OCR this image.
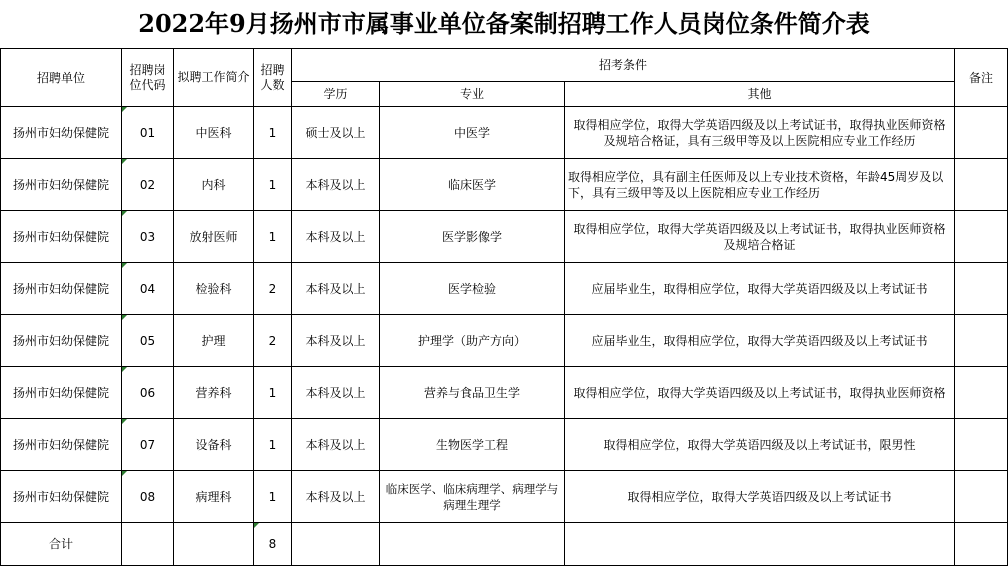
2022年9月扬州市市属事业单位备案制招聘工作人员岗位条件简介表
招聘单位	招聘岗位代码	拟聘工作简介	招聘人数	招考条件			备注
				学历	专业	其他	
扬州市妇幼保健院	01	中医科	1	硕士及以上	中医学	取得相应学位，取得大学英语四级及以上考试证书，取得执业医师资格及规培合格证，具有三级甲等及以上医院相应专业工作经历	
扬州市妇幼保健院	02	内科	1	本科及以上	临床医学	取得相应学位，具有副主任医师及以上专业技术资格，年龄45周岁及以下，具有三级甲等及以上医院相应专业工作经历	
扬州市妇幼保健院	03	放射医师	1	本科及以上	医学影像学	取得相应学位，取得大学英语四级及以上考试证书，取得执业医师资格及规培合格证	
扬州市妇幼保健院	04	检验科	2	本科及以上	医学检验	应届毕业生，取得相应学位，取得大学英语四级及以上考试证书	
扬州市妇幼保健院	05	护理	2	本科及以上	护理学（助产方向）	应届毕业生，取得相应学位，取得大学英语四级及以上考试证书	
扬州市妇幼保健院	06	营养科	1	本科及以上	营养与食品卫生学	取得相应学位，取得大学英语四级及以上考试证书，取得执业医师资格	
扬州市妇幼保健院	07	设备科	1	本科及以上	生物医学工程	取得相应学位，取得大学英语四级及以上考试证书，限男性	
扬州市妇幼保健院	08	病理科	1	本科及以上	临床医学、临床病理学、病理学与病理生理学	取得相应学位，取得大学英语四级及以上考试证书	
合计			8				
